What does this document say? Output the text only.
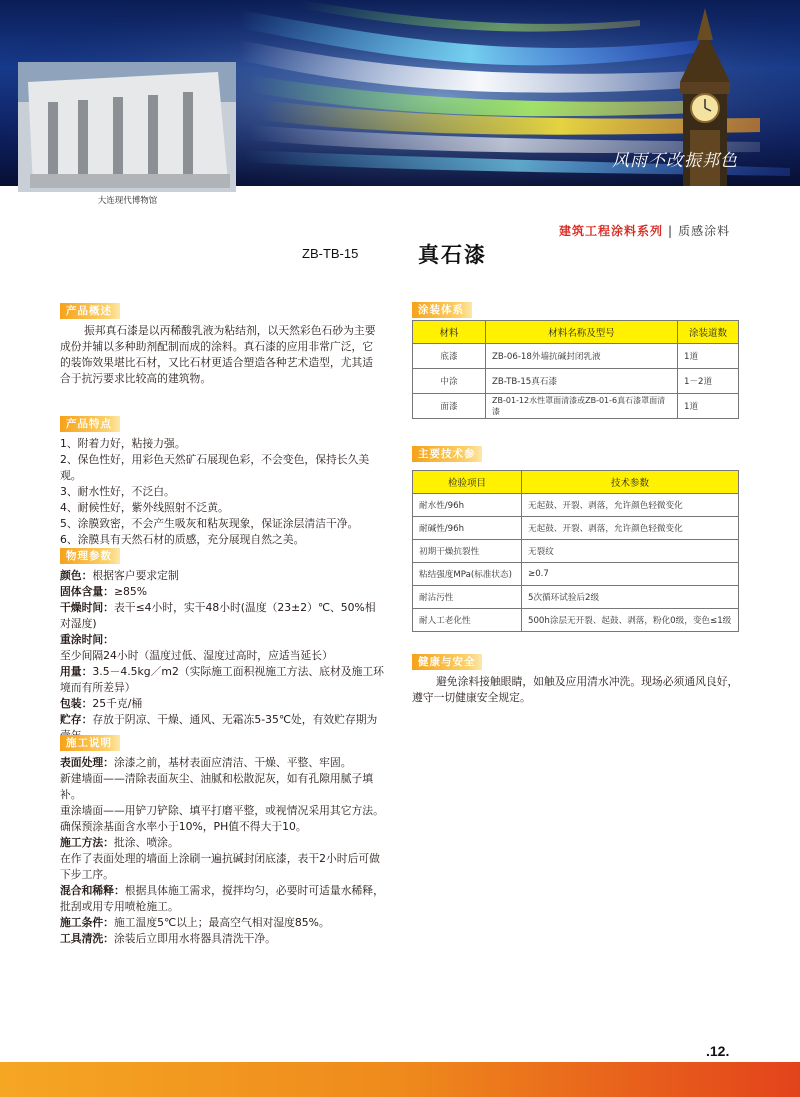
风雨不改振邦色
大连现代博物馆
建筑工程涂料系列 | 质感涂料
ZB-TB-15	真石漆
产品概述
振邦真石漆是以丙稀酸乳液为粘结剂，以天然彩色石砂为主要成份并辅以多种助剂配制而成的涂料。真石漆的应用非常广泛，它的装饰效果堪比石材，又比石材更适合塑造各种艺术造型，尤其适合于抗污要求比较高的建筑物。
产品特点

1、附着力好，粘接力强。

2、保色性好，用彩色天然矿石展现色彩，不会变色，保持长久美观。

3、耐水性好，不泛白。

4、耐候性好，紫外线照射不泛黄。

5、涂膜致密，不会产生吸灰和粘灰现象，保证涂层清洁干净。

6、涂膜具有天然石材的质感，充分展现自然之美。

物理参数

颜色：根据客户要求定制

固体含量：≥85%

干燥时间：表干≤4小时，实干48小时(温度（23±2）℃、50%相对湿度)

重涂时间：至少间隔24小时（温度过低、湿度过高时，应适当延长）

用量：3.5－4.5kg／m2（实际施工面积视施工方法、底材及施工环境而有所差异）

包装：25千克/桶

贮存：存放于阴凉、干燥、通风、无霜冻5-35℃处，有效贮存期为

施工说明

表面处理：涂漆之前，基材表面应清洁、干燥、平整、牢固。

新建墙面——清除表面灰尘、油腻和松散泥灰，如有孔隙用腻子填补。

重涂墙面——用铲刀铲除、填平打磨平整，或视情况采用其它方法。

确保预涂基面含水率小于10%，PH值不得大于10。

施工方法：批涂、喷涂。

在作了表面处理的墙面上涂刷一遍抗碱封闭底漆，表干2小时后可做下步工序。

混合和稀释：根据具体施工需求，搅拌均匀，必要时可适量水稀释，批刮或用专用喷枪施工。

施工条件：施工温度5℃以上；最高空气相对湿度85%。

工具清洗：涂装后立即用水将器具清洗干净。

涂装体系
材料	材料名称及型号	涂装道数
底漆	ZB-06-18外墙抗碱封闭乳液	1道
中涂	ZB-TB-15真石漆	1－2道
面漆	ZB-01-12水性罩面清漆或ZB-01-6真石漆罩面清漆	1道
主要技术参
检验项目	技术参数
耐水性/96h	无起鼓、开裂、剥落，允许颜色轻微变化
耐碱性/96h	无起鼓、开裂、剥落，允许颜色轻微变化
初期干燥抗裂性	无裂纹
粘结强度MPa(标准状态)	≥0.7
耐沾污性	5次循环试验后2级
耐人工老化性	500h涂层无开裂、起鼓、剥落，粉化0级，变色≤1级
健康与安全
避免涂料接触眼睛，如触及应用清水冲洗。现场必须通风良好，遵守一切健康安全规定。
.12.
